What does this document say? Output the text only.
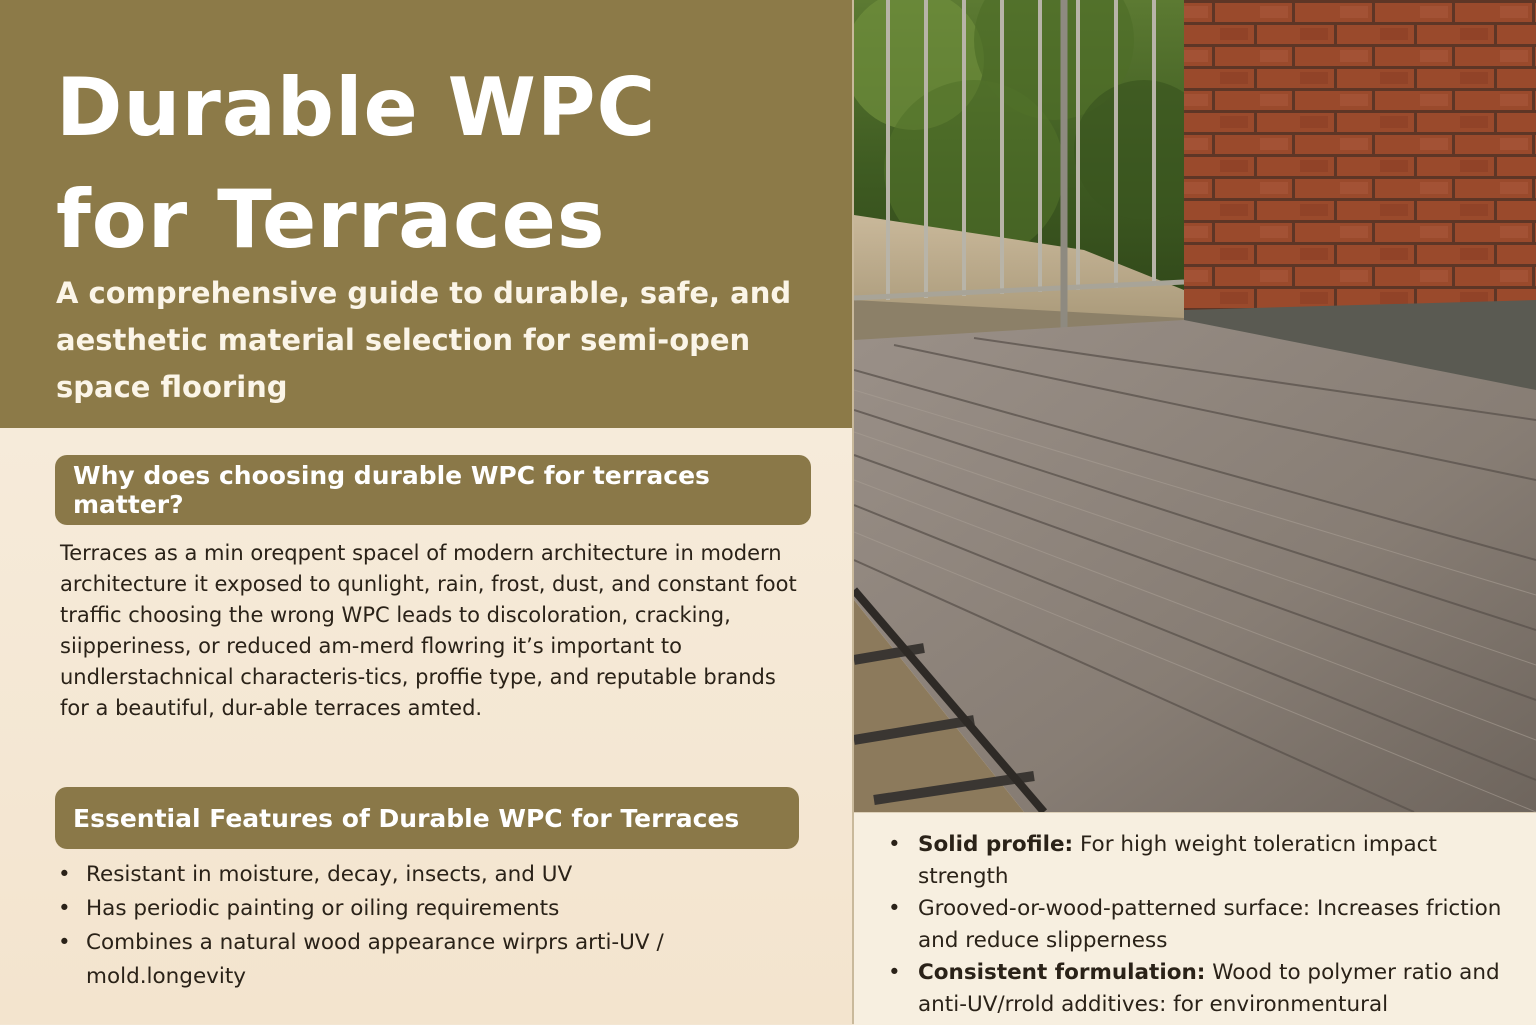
Durable WPC
for Terraces

A comprehensive guide to durable, safe, and aesthetic material selection for semi-open space flooring

Why does choosing durable WPC for terraces matter?

Terraces as a min oreqpent spacel of modern architecture in modern architecture it exposed to qunlight, rain, frost, dust, and constant foot traffic choosing the wrong WPC leads to discoloration, cracking, siipperiness, or reduced am-merd flowring it’s important to undlerstachnical characteris-tics, proffie type, and reputable brands for a beautiful, dur-able terraces amted.

Essential Features of Durable WPC for Terraces
• Resistant in moisture, decay, insects, and UV
• Has periodic painting or oiling requirements
• Combines a natural wood appearance wirprs arti-UV / mold.longevity
• Solid profile: For high weight toleraticn impact strength
• Grooved-or-wood-patterned surface: Increases friction and reduce slipperness
• Consistent formulation: Wood to polymer ratio and anti-UV/rrold additives: for environmentural
